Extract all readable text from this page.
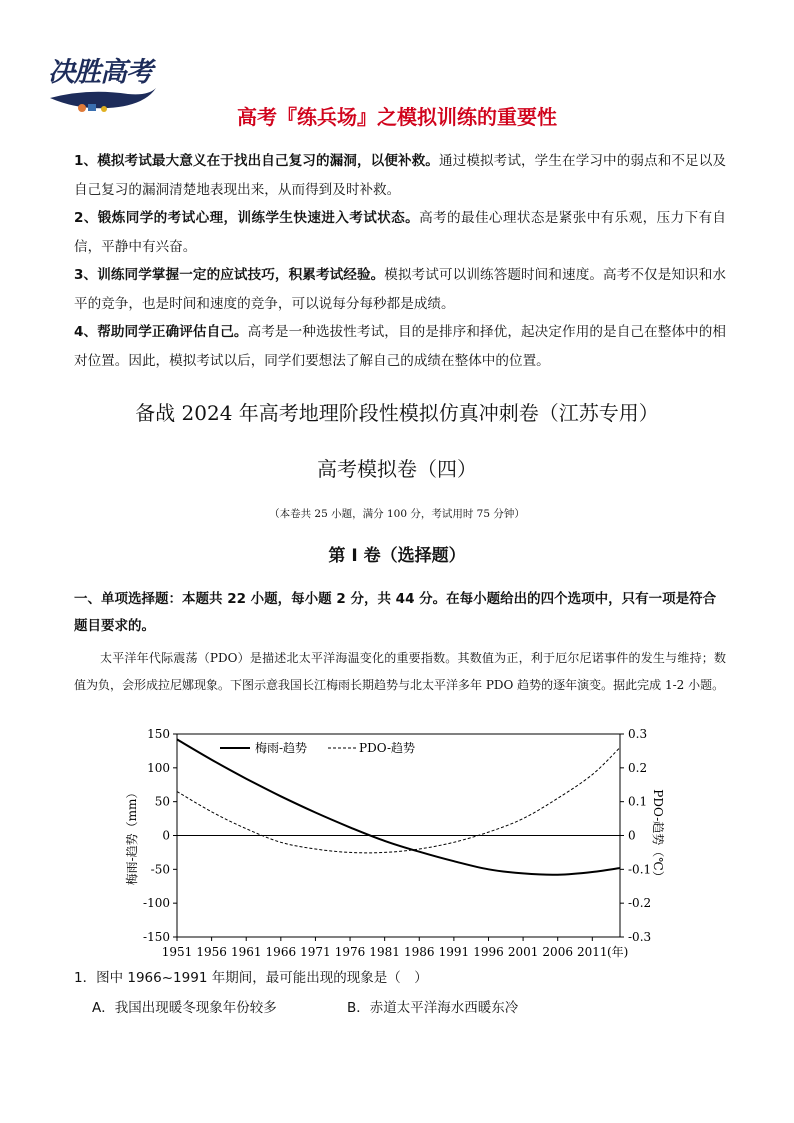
决胜高考
高考『练兵场』之模拟训练的重要性

1、模拟考试最大意义在于找出自己复习的漏洞，以便补救。通过模拟考试，学生在学习中的弱点和不足以及自己复习的漏洞清楚地表现出来，从而得到及时补救。

2、锻炼同学的考试心理，训练学生快速进入考试状态。高考的最佳心理状态是紧张中有乐观，压力下有自信，平静中有兴奋。

3、训练同学掌握一定的应试技巧，积累考试经验。模拟考试可以训练答题时间和速度。高考不仅是知识和水平的竞争，也是时间和速度的竞争，可以说每分每秒都是成绩。

4、帮助同学正确评估自己。高考是一种选拔性考试，目的是排序和择优，起决定作用的是自己在整体中的相对位置。因此，模拟考试以后，同学们要想法了解自己的成绩在整体中的位置。

备战 2024 年高考地理阶段性模拟仿真冲刺卷（江苏专用）
高考模拟卷（四）
（本卷共 25 小题，满分 100 分，考试用时 75 分钟）
第 I 卷（选择题）
一、单项选择题：本题共 22 小题，每小题 2 分，共 44 分。在每小题给出的四个选项中，只有一项是符合题目要求的。
太平洋年代际震荡（PDO）是描述北太平洋海温变化的重要指数。其数值为正，利于厄尔尼诺事件的发生与维持；数值为负，会形成拉尼娜现象。下图示意我国长江梅雨长期趋势与北太平洋多年 PDO 趋势的逐年演变。据此完成 1-2 小题。
150
100
50
0
-50
-100
-150
0.3
0.2
0.1
0
-0.1
-0.2
-0.3
1951 1956 1961 1966 1971 1976 1981 1986 1991 1996 2001 2006 2011 (年)
梅雨-趋势（mm）	PDO-趋势（℃）
梅雨-趋势	PDO-趋势
1．图中 1966~1991 年期间，最可能出现的现象是（　）
A．我国出现暖冬现象年份较多	B．赤道太平洋海水西暖东冷
